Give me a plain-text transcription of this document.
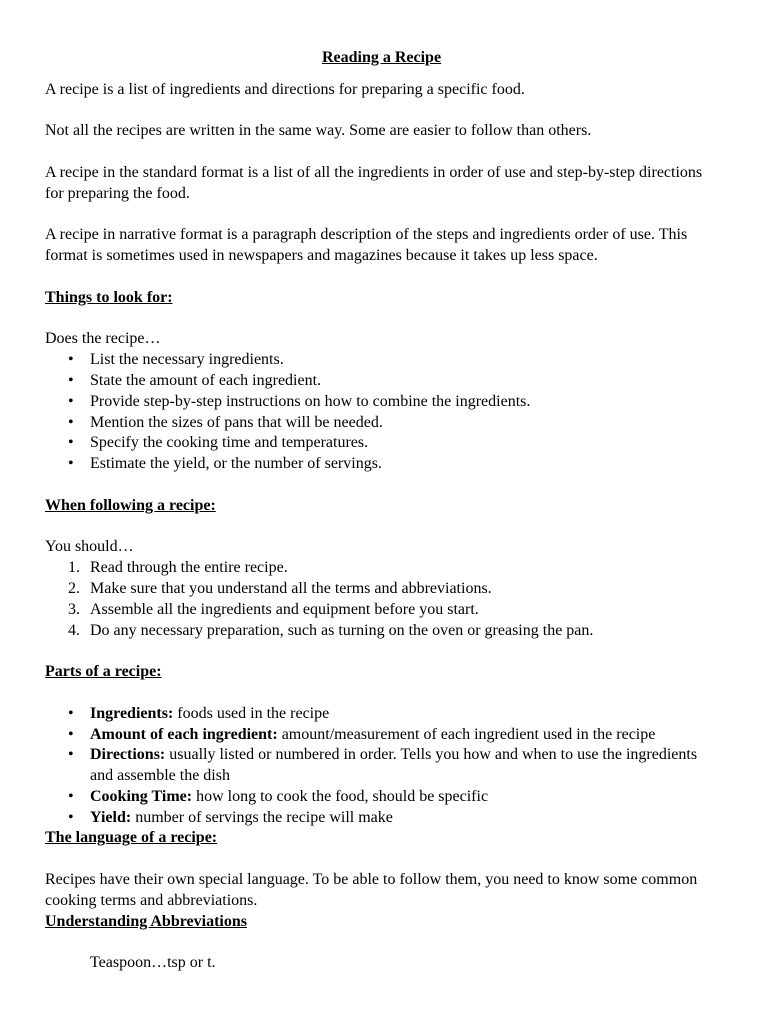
Reading a Recipe

A recipe is a list of ingredients and directions for preparing a specific food.

Not all the recipes are written in the same way. Some are easier to follow than others.

A recipe in the standard format is a list of all the ingredients in order of use and step-by-step directions for preparing the food.

A recipe in narrative format is a paragraph description of the steps and ingredients order of use. This format is sometimes used in newspapers and magazines because it takes up less space.

Things to look for:

Does the recipe…

• List the necessary ingredients.
• State the amount of each ingredient.
• Provide step-by-step instructions on how to combine the ingredients.
• Mention the sizes of pans that will be needed.
• Specify the cooking time and temperatures.
• Estimate the yield, or the number of servings.

When following a recipe:

You should…

1. Read through the entire recipe.
2. Make sure that you understand all the terms and abbreviations.
3. Assemble all the ingredients and equipment before you start.
4. Do any necessary preparation, such as turning on the oven or greasing the pan.

Parts of a recipe:

• Ingredients: foods used in the recipe
• Amount of each ingredient: amount/measurement of each ingredient used in the recipe
• Directions: usually listed or numbered in order. Tells you how and when to use the ingredients and assemble the dish
• Cooking Time: how long to cook the food, should be specific
• Yield: number of servings the recipe will make

The language of a recipe:

Recipes have their own special language. To be able to follow them, you need to know some common cooking terms and abbreviations.

Understanding Abbreviations

Teaspoon…tsp or t.
